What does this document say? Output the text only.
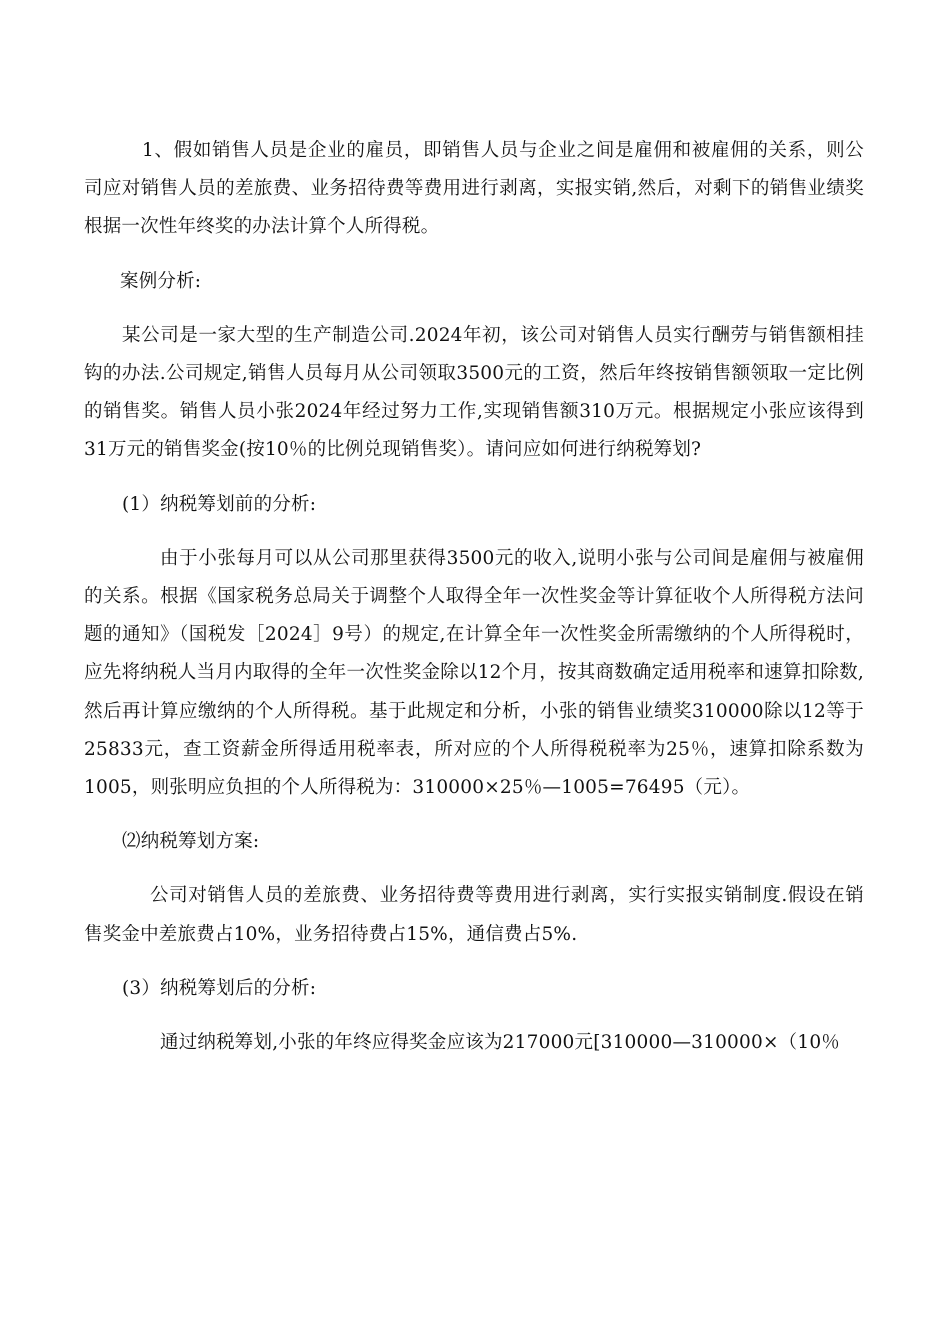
1、假如销售人员是企业的雇员，即销售人员与企业之间是雇佣和被雇佣的关系，则公司应对销售人员的差旅费、业务招待费等费用进行剥离，实报实销,然后，对剩下的销售业绩奖根据一次性年终奖的办法计算个人所得税。

案例分析:

某公司是一家大型的生产制造公司.2024年初，该公司对销售人员实行酬劳与销售额相挂钩的办法.公司规定,销售人员每月从公司领取3500元的工资，然后年终按销售额领取一定比例的销售奖。销售人员小张2024年经过努力工作,实现销售额310万元。根据规定小张应该得到31万元的销售奖金(按10％的比例兑现销售奖）。请问应如何进行纳税筹划?

(1）纳税筹划前的分析:

由于小张每月可以从公司那里获得3500元的收入,说明小张与公司间是雇佣与被雇佣的关系。根据《国家税务总局关于调整个人取得全年一次性奖金等计算征收个人所得税方法问题的通知》（国税发［2024］9号）的规定,在计算全年一次性奖金所需缴纳的个人所得税时，应先将纳税人当月内取得的全年一次性奖金除以12个月，按其商数确定适用税率和速算扣除数,然后再计算应缴纳的个人所得税。基于此规定和分析，小张的销售业绩奖310000除以12等于25833元，查工资薪金所得适用税率表，所对应的个人所得税税率为25％，速算扣除系数为1005，则张明应负担的个人所得税为：310000×25％—1005=76495（元）。

⑵纳税筹划方案:

公司对销售人员的差旅费、业务招待费等费用进行剥离，实行实报实销制度.假设在销售奖金中差旅费占10%，业务招待费占15%，通信费占5%.

(3）纳税筹划后的分析:

通过纳税筹划,小张的年终应得奖金应该为217000元[310000—310000×（10％
